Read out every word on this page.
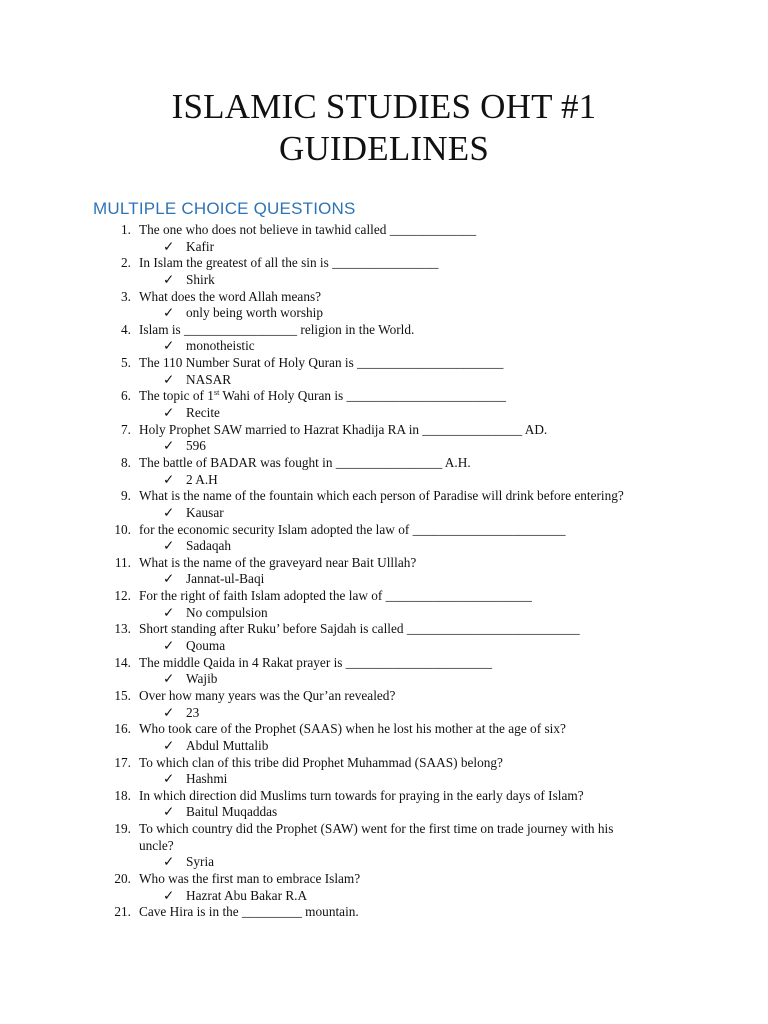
ISLAMIC STUDIES OHT #1
GUIDELINES
MULTIPLE CHOICE QUESTIONS
1. The one who does not believe in tawhid called _____________
✓ Kafir
2. In Islam the greatest of all the sin is ________________
✓ Shirk
3. What does the word Allah means?
✓ only being worth worship
4. Islam is _________________ religion in the World.
✓ monotheistic
5. The 110 Number Surat of Holy Quran is ______________________
✓ NASAR
6. The topic of 1st Wahi of Holy Quran is ________________________
✓ Recite
7. Holy Prophet SAW married to Hazrat Khadija RA in _______________ AD.
✓ 596
8. The battle of BADAR was fought in ________________ A.H.
✓ 2 A.H
9. What is the name of the fountain which each person of Paradise will drink before entering?
✓ Kausar
10. for the economic security Islam adopted the law of _______________________
✓ Sadaqah
11. What is the name of the graveyard near Bait Ulllah?
✓ Jannat-ul-Baqi
12. For the right of faith Islam adopted the law of ______________________
✓ No compulsion
13. Short standing after Ruku’ before Sajdah is called __________________________
✓ Qouma
14. The middle Qaida in 4 Rakat prayer is ______________________
✓ Wajib
15. Over how many years was the Qur’an revealed?
✓ 23
16. Who took care of the Prophet (SAAS) when he lost his mother at the age of six?
✓ Abdul Muttalib
17. To which clan of this tribe did Prophet Muhammad (SAAS) belong?
✓ Hashmi
18. In which direction did Muslims turn towards for praying in the early days of Islam?
✓ Baitul Muqaddas
19. To which country did the Prophet (SAW) went for the first time on trade journey with his
uncle?
✓ Syria
20. Who was the first man to embrace Islam?
✓ Hazrat Abu Bakar R.A
21. Cave Hira is in the _________ mountain.
